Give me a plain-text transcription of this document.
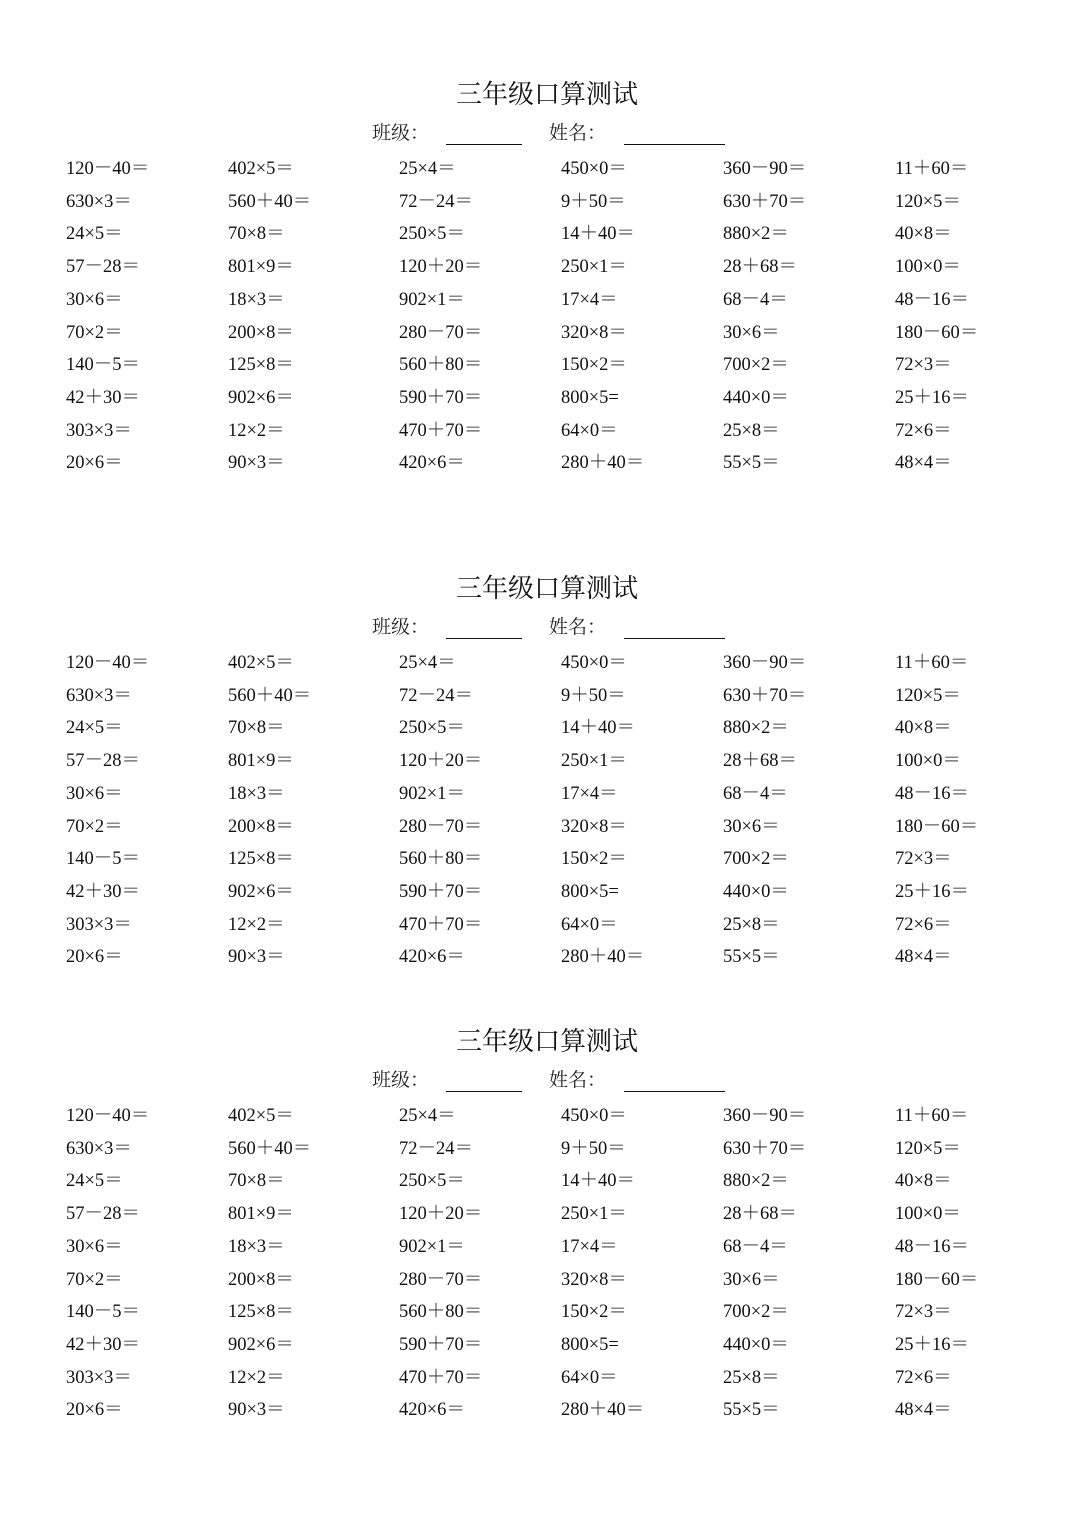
三年级口算测试
班级：	姓名：
120－40＝	402×5＝	25×4＝	450×0＝	360－90＝	11＋60＝
630×3＝	560＋40＝	72－24＝	9＋50＝	630＋70＝	120×5＝
24×5＝	70×8＝	250×5＝	14＋40＝	880×2＝	40×8＝
57－28＝	801×9＝	120＋20＝	250×1＝	28＋68＝	100×0＝
30×6＝	18×3＝	902×1＝	17×4＝	68－4＝	48－16＝
70×2＝	200×8＝	280－70＝	320×8＝	30×6＝	180－60＝
140－5＝	125×8＝	560＋80＝	150×2＝	700×2＝	72×3＝
42＋30＝	902×6＝	590＋70＝	800×5=	440×0＝	25＋16＝
303×3＝	12×2＝	470＋70＝	64×0＝	25×8＝	72×6＝
20×6＝	90×3＝	420×6＝	280＋40＝	55×5＝	48×4＝
三年级口算测试
班级：	姓名：
120－40＝	402×5＝	25×4＝	450×0＝	360－90＝	11＋60＝
630×3＝	560＋40＝	72－24＝	9＋50＝	630＋70＝	120×5＝
24×5＝	70×8＝	250×5＝	14＋40＝	880×2＝	40×8＝
57－28＝	801×9＝	120＋20＝	250×1＝	28＋68＝	100×0＝
30×6＝	18×3＝	902×1＝	17×4＝	68－4＝	48－16＝
70×2＝	200×8＝	280－70＝	320×8＝	30×6＝	180－60＝
140－5＝	125×8＝	560＋80＝	150×2＝	700×2＝	72×3＝
42＋30＝	902×6＝	590＋70＝	800×5=	440×0＝	25＋16＝
303×3＝	12×2＝	470＋70＝	64×0＝	25×8＝	72×6＝
20×6＝	90×3＝	420×6＝	280＋40＝	55×5＝	48×4＝
三年级口算测试
班级：	姓名：
120－40＝	402×5＝	25×4＝	450×0＝	360－90＝	11＋60＝
630×3＝	560＋40＝	72－24＝	9＋50＝	630＋70＝	120×5＝
24×5＝	70×8＝	250×5＝	14＋40＝	880×2＝	40×8＝
57－28＝	801×9＝	120＋20＝	250×1＝	28＋68＝	100×0＝
30×6＝	18×3＝	902×1＝	17×4＝	68－4＝	48－16＝
70×2＝	200×8＝	280－70＝	320×8＝	30×6＝	180－60＝
140－5＝	125×8＝	560＋80＝	150×2＝	700×2＝	72×3＝
42＋30＝	902×6＝	590＋70＝	800×5=	440×0＝	25＋16＝
303×3＝	12×2＝	470＋70＝	64×0＝	25×8＝	72×6＝
20×6＝	90×3＝	420×6＝	280＋40＝	55×5＝	48×4＝
